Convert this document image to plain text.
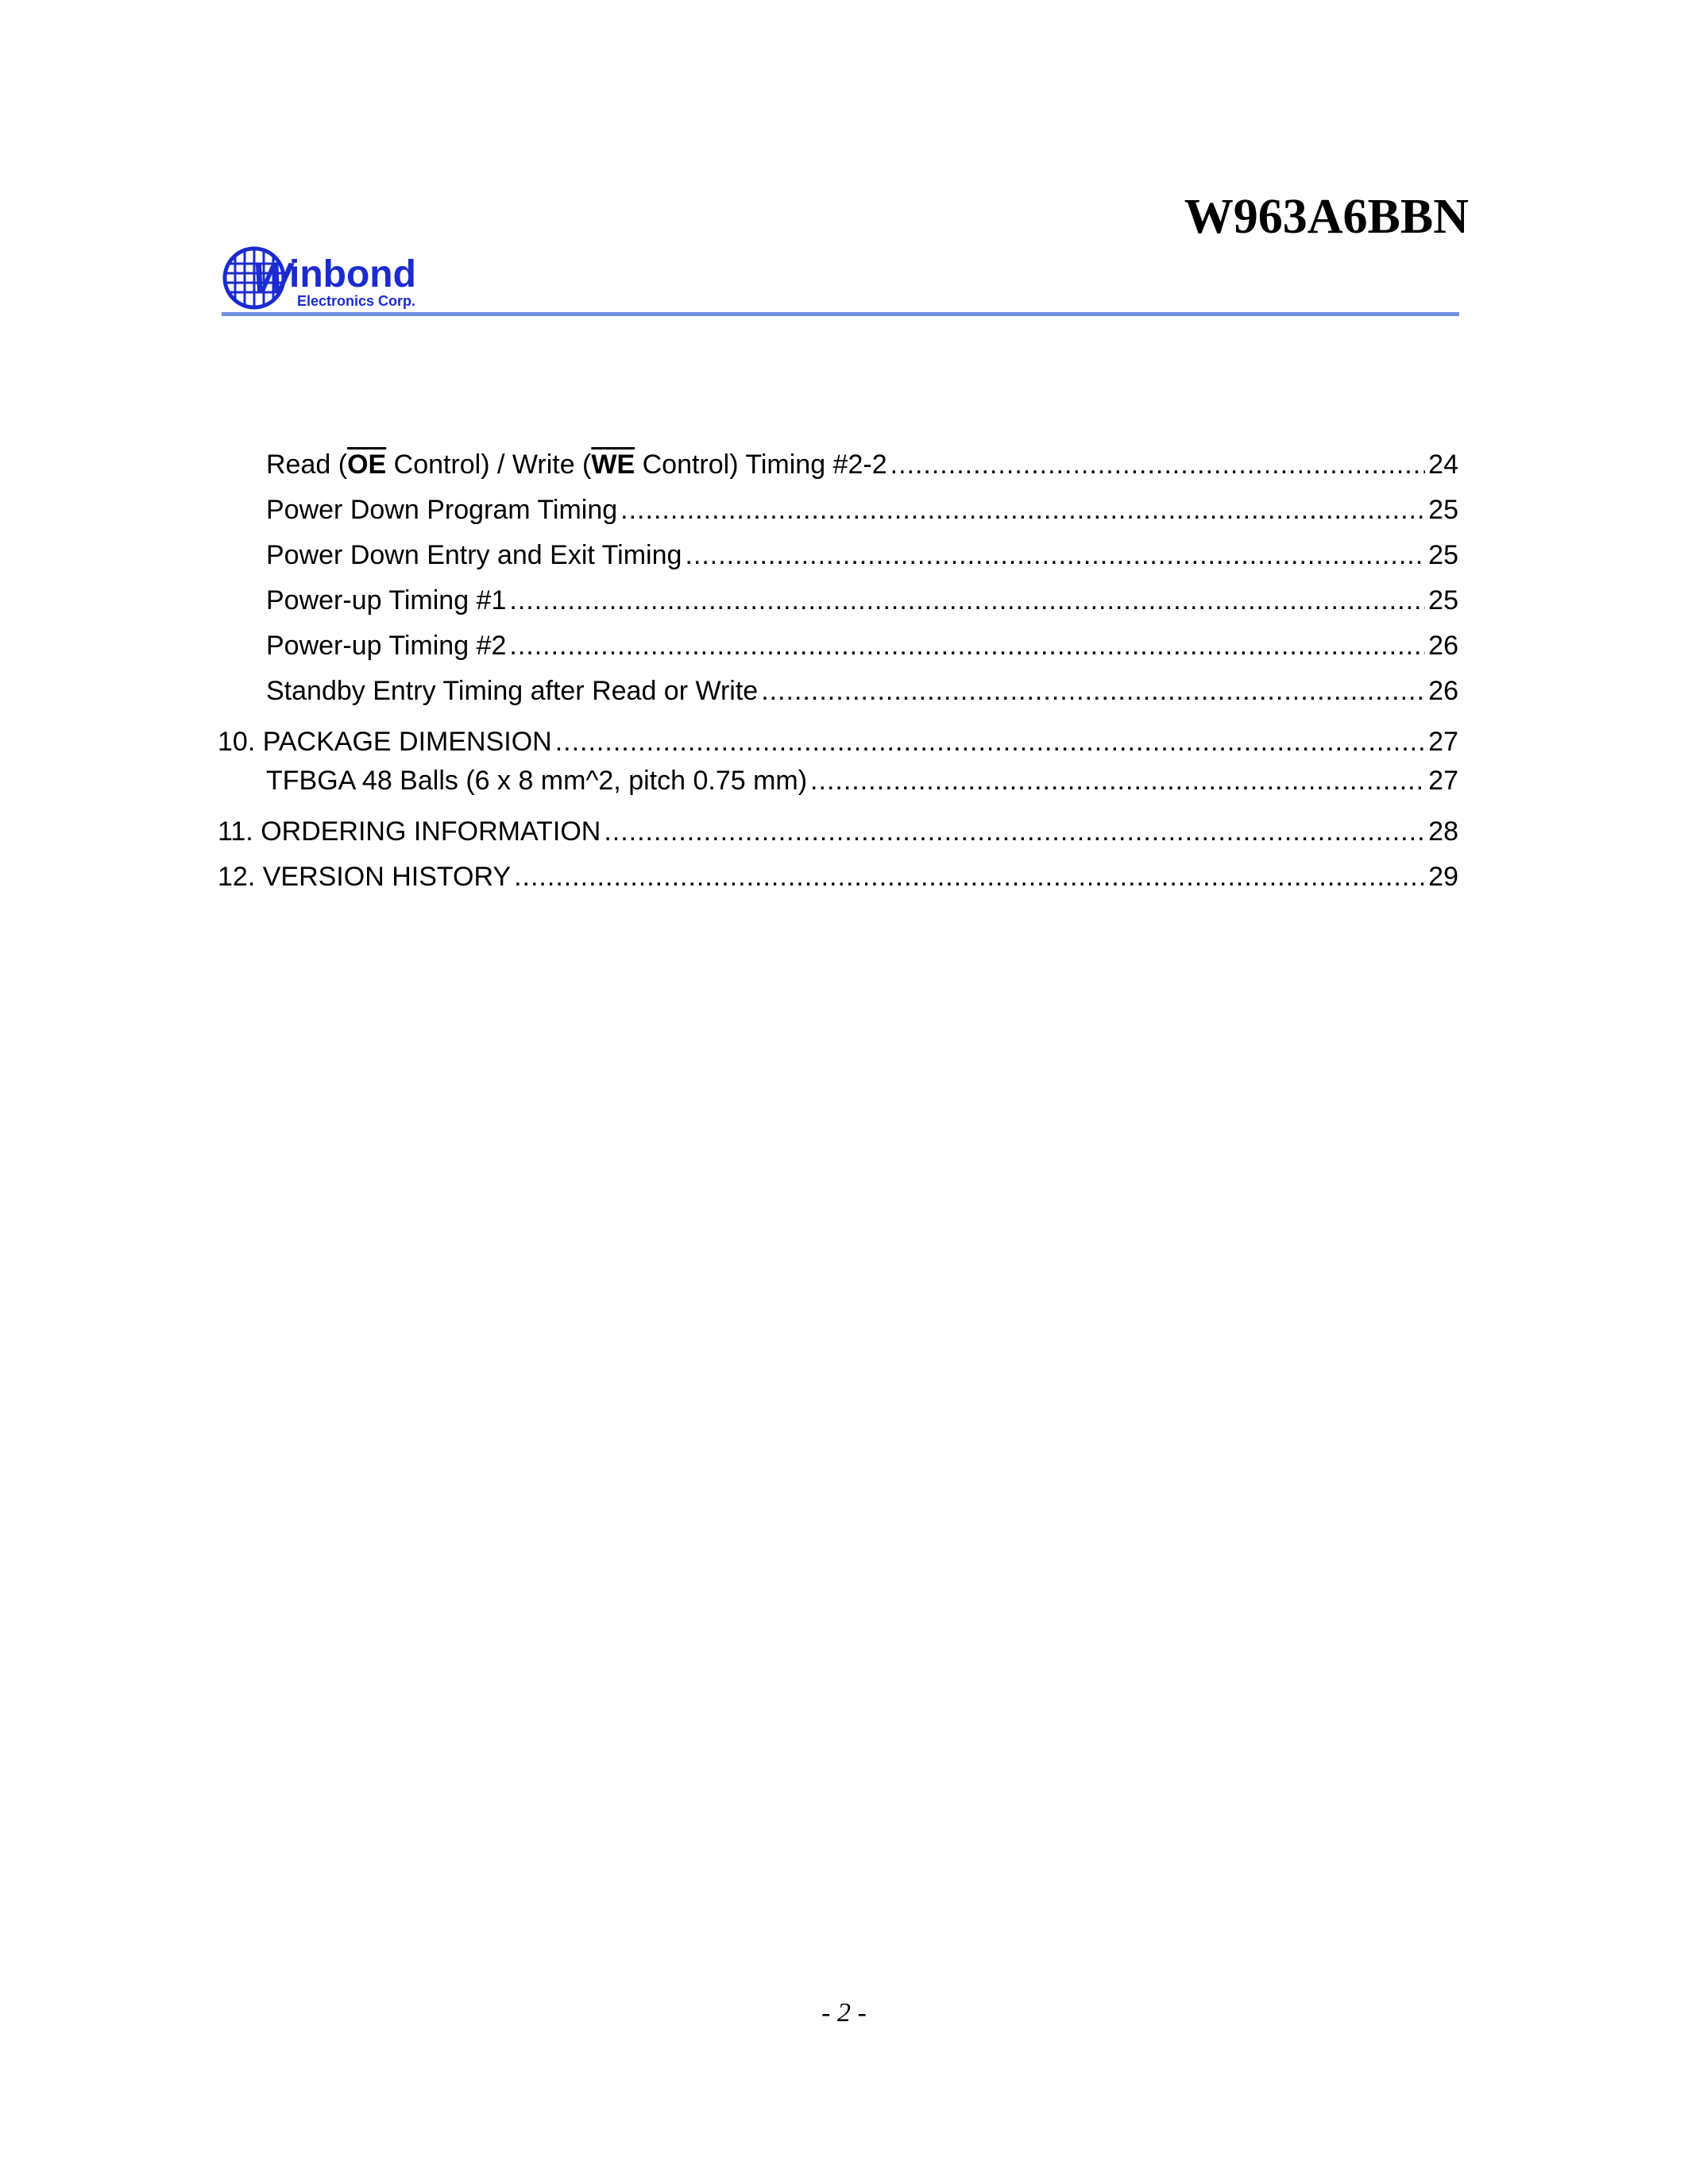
W963A6BBN
W
inbond
Electronics Corp.
Read ($\overline{OE}$ Control) / Write ($\overline{WE}$ Control) Timing #2-2 .....	24
Power Down Program Timing .....	25
Power Down Entry and Exit Timing .....	25
Power-up Timing #1 .....	25
Power-up Timing #2 .....	26
Standby Entry Timing after Read or Write .....	26
10. PACKAGE DIMENSION .....	27
TFBGA 48 Balls (6 x 8 mm^2, pitch 0.75 mm) .....	27
11. ORDERING INFORMATION .....	28
12. VERSION HISTORY .....	29
- 2 -
